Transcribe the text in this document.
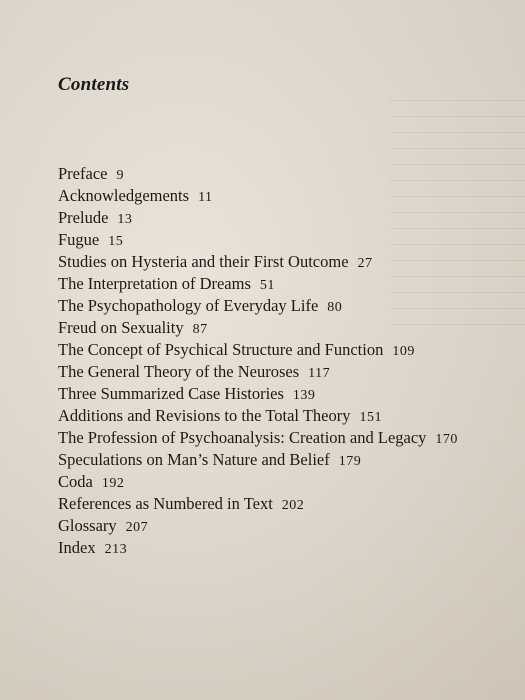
Contents
Preface 9
Acknowledgements 11
Prelude 13
Fugue 15
Studies on Hysteria and their First Outcome 27
The Interpretation of Dreams 51
The Psychopathology of Everyday Life 80
Freud on Sexuality 87
The Concept of Psychical Structure and Function 109
The General Theory of the Neuroses 117
Three Summarized Case Histories 139
Additions and Revisions to the Total Theory 151
The Profession of Psychoanalysis: Creation and Legacy 170
Speculations on Man’s Nature and Belief 179
Coda 192
References as Numbered in Text 202
Glossary 207
Index 213
